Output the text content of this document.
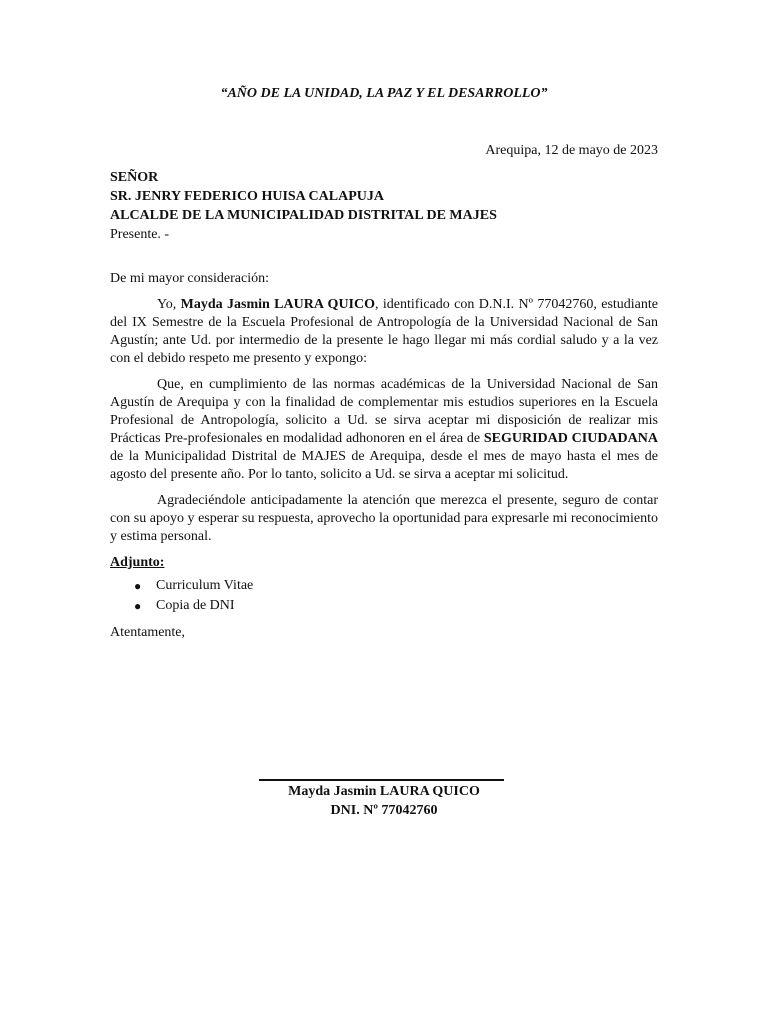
“AÑO DE LA UNIDAD, LA PAZ Y EL DESARROLLO”
Arequipa, 12 de mayo de 2023
SEÑOR
SR. JENRY FEDERICO HUISA CALAPUJA
ALCALDE DE LA MUNICIPALIDAD DISTRITAL DE MAJES
Presente. -
De mi mayor consideración:

Yo, Mayda Jasmin LAURA QUICO, identificado con D.N.I. Nº 77042760, estudiante del IX Semestre de la Escuela Profesional de Antropología de la Universidad Nacional de San Agustín; ante Ud. por intermedio de la presente le hago llegar mi más cordial saludo y a la vez con el debido respeto me presento y expongo:

Que, en cumplimiento de las normas académicas de la Universidad Nacional de San Agustín de Arequipa y con la finalidad de complementar mis estudios superiores en la Escuela Profesional de Antropología, solicito a Ud. se sirva aceptar mi disposición de realizar mis Prácticas Pre-profesionales en modalidad adhonoren en el área de SEGURIDAD CIUDADANA de la Municipalidad Distrital de MAJES de Arequipa, desde el mes de mayo hasta el mes de agosto del presente año. Por lo tanto, solicito a Ud. se sirva a aceptar mi solicitud.

Agradeciéndole anticipadamente la atención que merezca el presente, seguro de contar con su apoyo y esperar su respuesta, aprovecho la oportunidad para expresarle mi reconocimiento y estima personal.

Adjunto:
●	Curriculum Vitae
●	Copia de DNI
Atentamente,
Mayda Jasmin LAURA QUICO
DNI. Nº 77042760
